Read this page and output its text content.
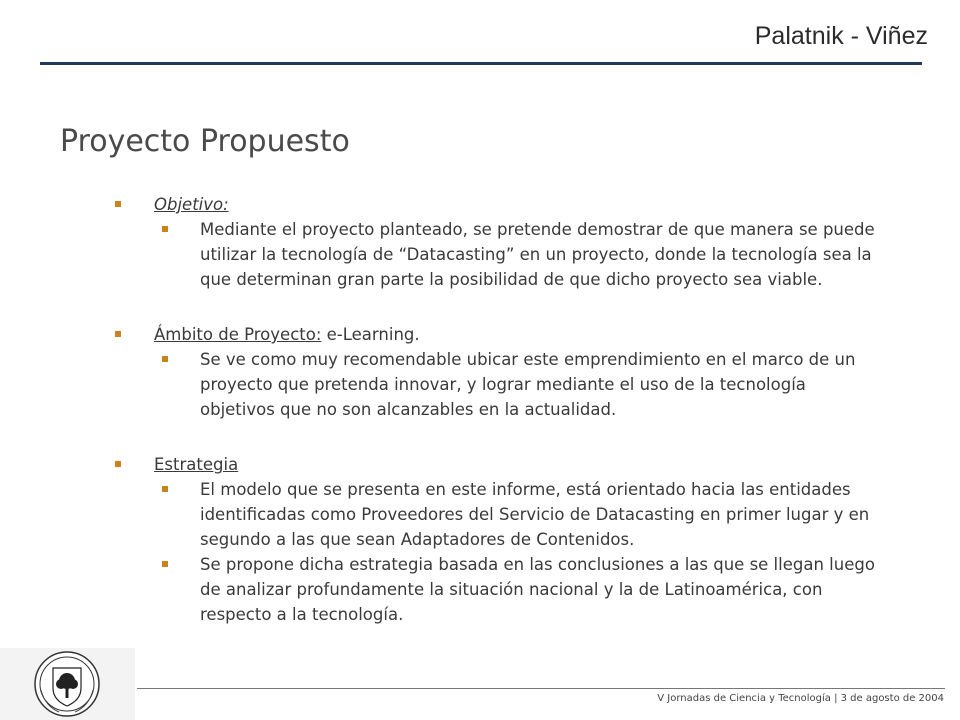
Palatnik - Viñez
Proyecto Propuesto

Objetivo:

Mediante el proyecto planteado, se pretende demostrar de que manera se puede utilizar la tecnología de “Datacasting” en un proyecto, donde la tecnología sea la que determinan gran parte la posibilidad de que dicho proyecto sea viable.

Ámbito de Proyecto: e-Learning.

Se ve como muy recomendable ubicar este emprendimiento en el marco de un proyecto que pretenda innovar, y lograr mediante el uso de la tecnología objetivos que no son alcanzables en la actualidad.

Estrategia

El modelo que se presenta en este informe, está orientado hacia las entidades identificadas como Proveedores del Servicio de Datacasting en primer lugar y en segundo a las que sean Adaptadores de Contenidos.

Se propone dicha estrategia basada en las conclusiones a las que se llegan luego de analizar profundamente la situación nacional y la de Latinoamérica, con respecto a la tecnología.

V Jornadas de Ciencia y Tecnología | 3 de agosto de 2004
